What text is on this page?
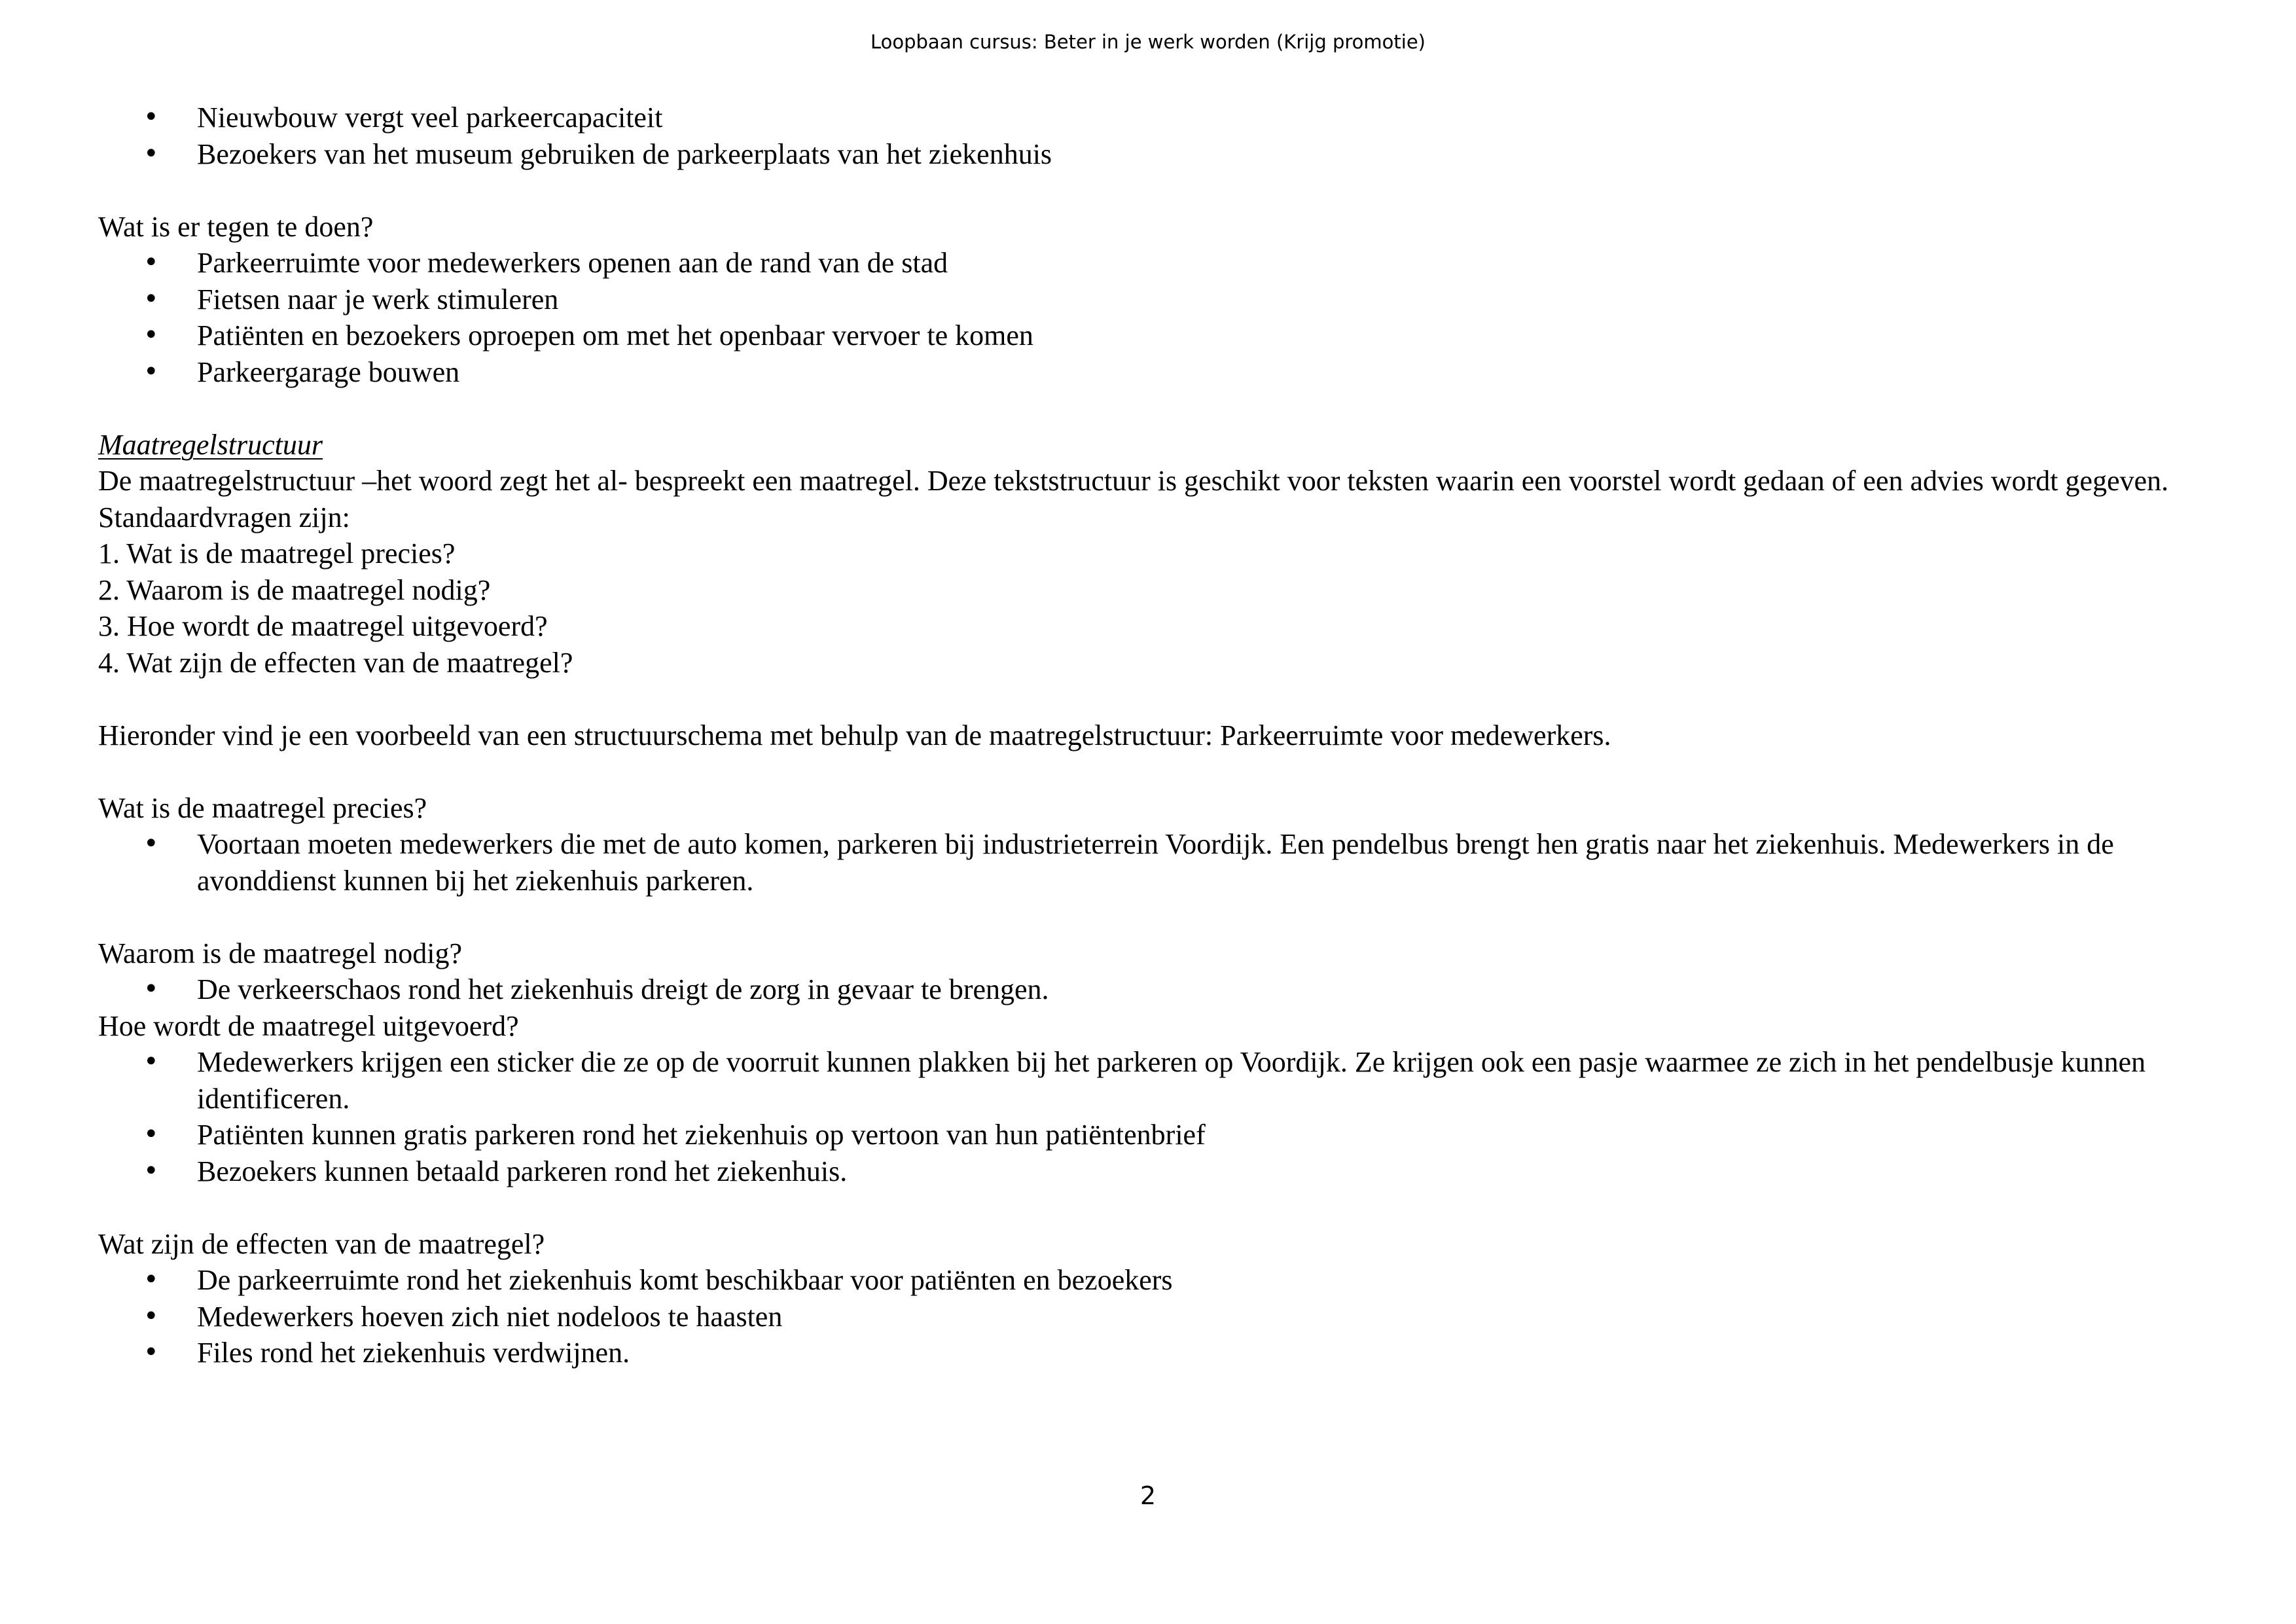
Loopbaan cursus: Beter in je werk worden (Krijg promotie)
• Nieuwbouw vergt veel parkeercapaciteit
• Bezoekers van het museum gebruiken de parkeerplaats van het ziekenhuis

Wat is er tegen te doen?

• Parkeerruimte voor medewerkers openen aan de rand van de stad
• Fietsen naar je werk stimuleren
• Patiënten en bezoekers oproepen om met het openbaar vervoer te komen
• Parkeergarage bouwen

Maatregelstructuur

De maatregelstructuur –het woord zegt het al- bespreekt een maatregel. Deze tekststructuur is geschikt voor teksten waarin een voorstel wordt gedaan of een advies wordt gegeven. Standaardvragen zijn:

1. Wat is de maatregel precies?

2. Waarom is de maatregel nodig?

3. Hoe wordt de maatregel uitgevoerd?

4. Wat zijn de effecten van de maatregel?

Hieronder vind je een voorbeeld van een structuurschema met behulp van de maatregelstructuur: Parkeerruimte voor medewerkers.

Wat is de maatregel precies?

• Voortaan moeten medewerkers die met de auto komen, parkeren bij industrieterrein Voordijk. Een pendelbus brengt hen gratis naar het ziekenhuis. Medewerkers in de avonddienst kunnen bij het ziekenhuis parkeren.

Waarom is de maatregel nodig?

• De verkeerschaos rond het ziekenhuis dreigt de zorg in gevaar te brengen.

Hoe wordt de maatregel uitgevoerd?

• Medewerkers krijgen een sticker die ze op de voorruit kunnen plakken bij het parkeren op Voordijk. Ze krijgen ook een pasje waarmee ze zich in het pendelbusje kunnen identificeren.
• Patiënten kunnen gratis parkeren rond het ziekenhuis op vertoon van hun patiëntenbrief
• Bezoekers kunnen betaald parkeren rond het ziekenhuis.

Wat zijn de effecten van de maatregel?

• De parkeerruimte rond het ziekenhuis komt beschikbaar voor patiënten en bezoekers
• Medewerkers hoeven zich niet nodeloos te haasten
• Files rond het ziekenhuis verdwijnen.
2
